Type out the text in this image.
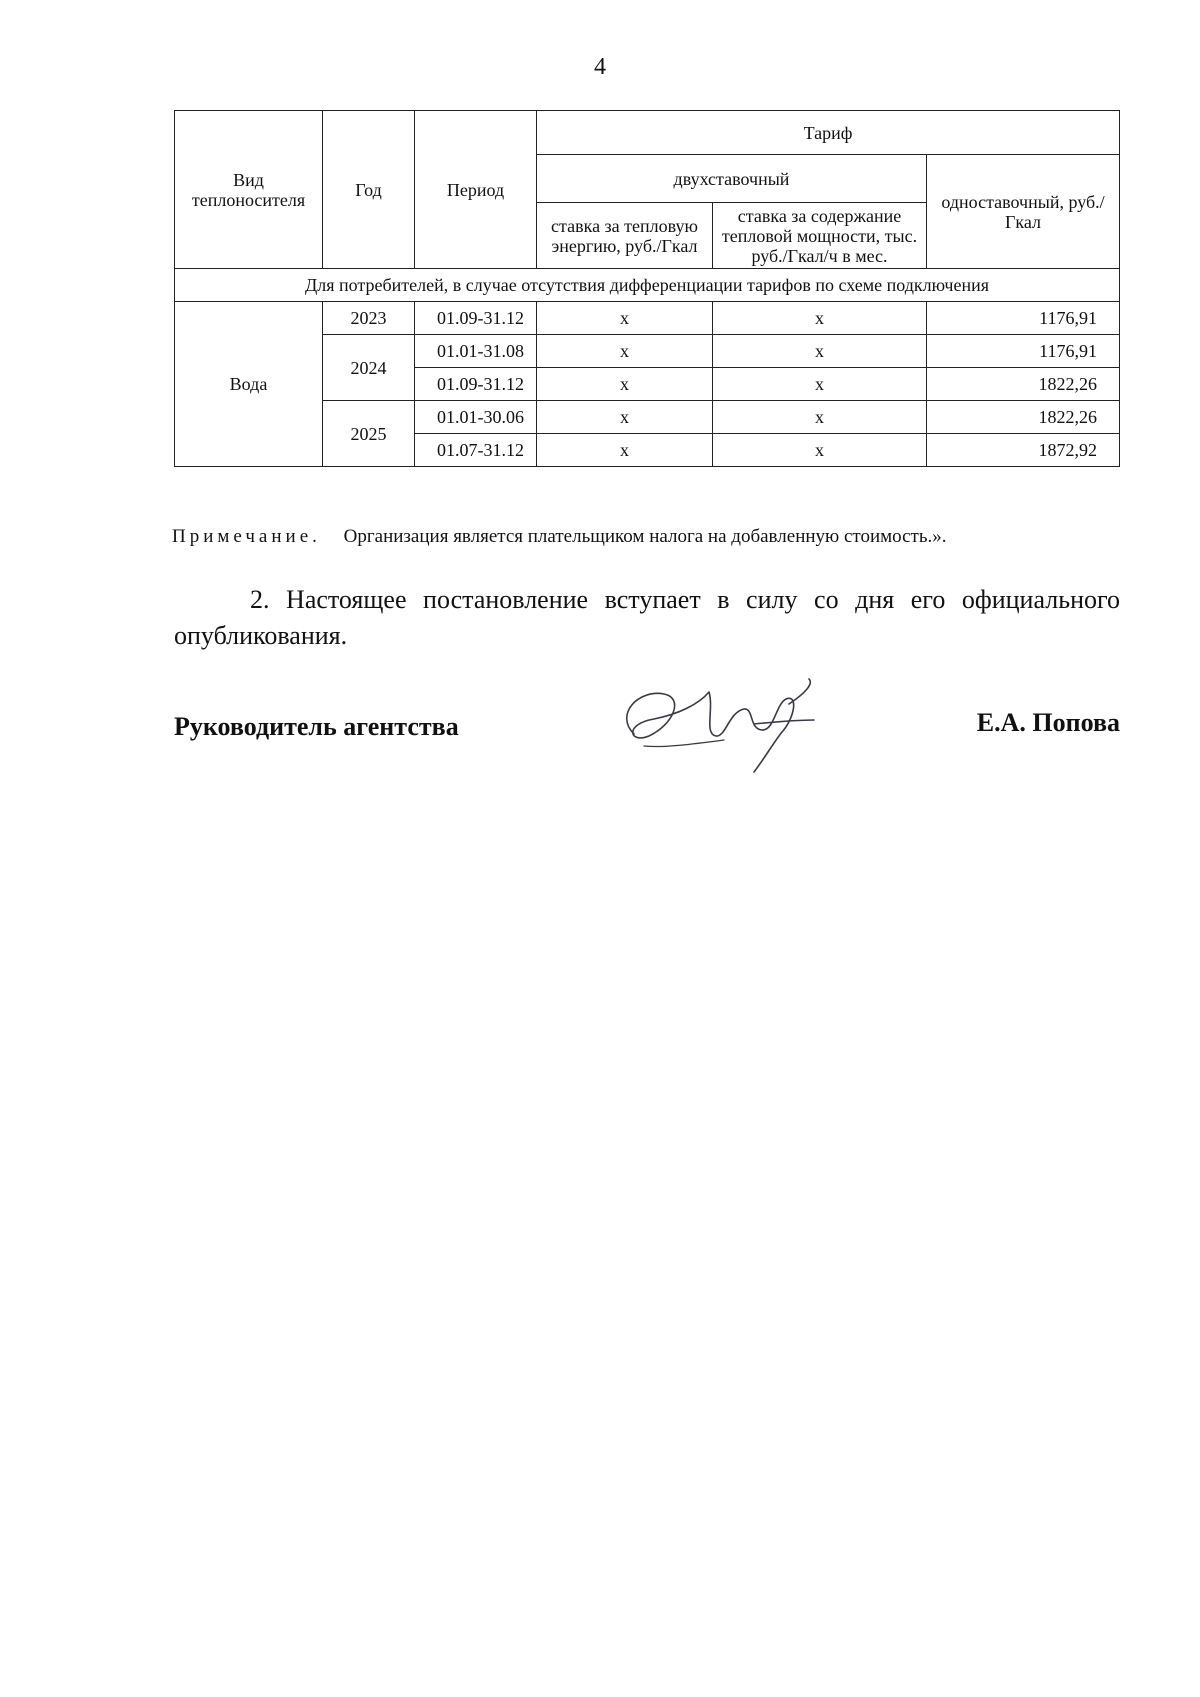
4
Вид теплоносителя	Год	Период	Тариф		
			двухставочный		одноставочный, руб./Гкал
			ставка за тепловую энергию, руб./Гкал	ставка за содержание тепловой мощности, тыс. руб./Гкал/ч в мес.	
Для потребителей, в случае отсутствия дифференциации тарифов по схеме подключения					
Вода	2023	01.09-31.12	х	х	1176,91
	2024	01.01-31.08	х	х	1176,91
		01.09-31.12	х	х	1822,26
	2025	01.01-30.06	х	х	1822,26
		01.07-31.12	х	х	1872,92
Примечание. Организация является плательщиком налога на добавленную стоимость.».
2. Настоящее постановление вступает в силу со дня его официального опубликования.
Руководитель агентства	Е.А. Попова
